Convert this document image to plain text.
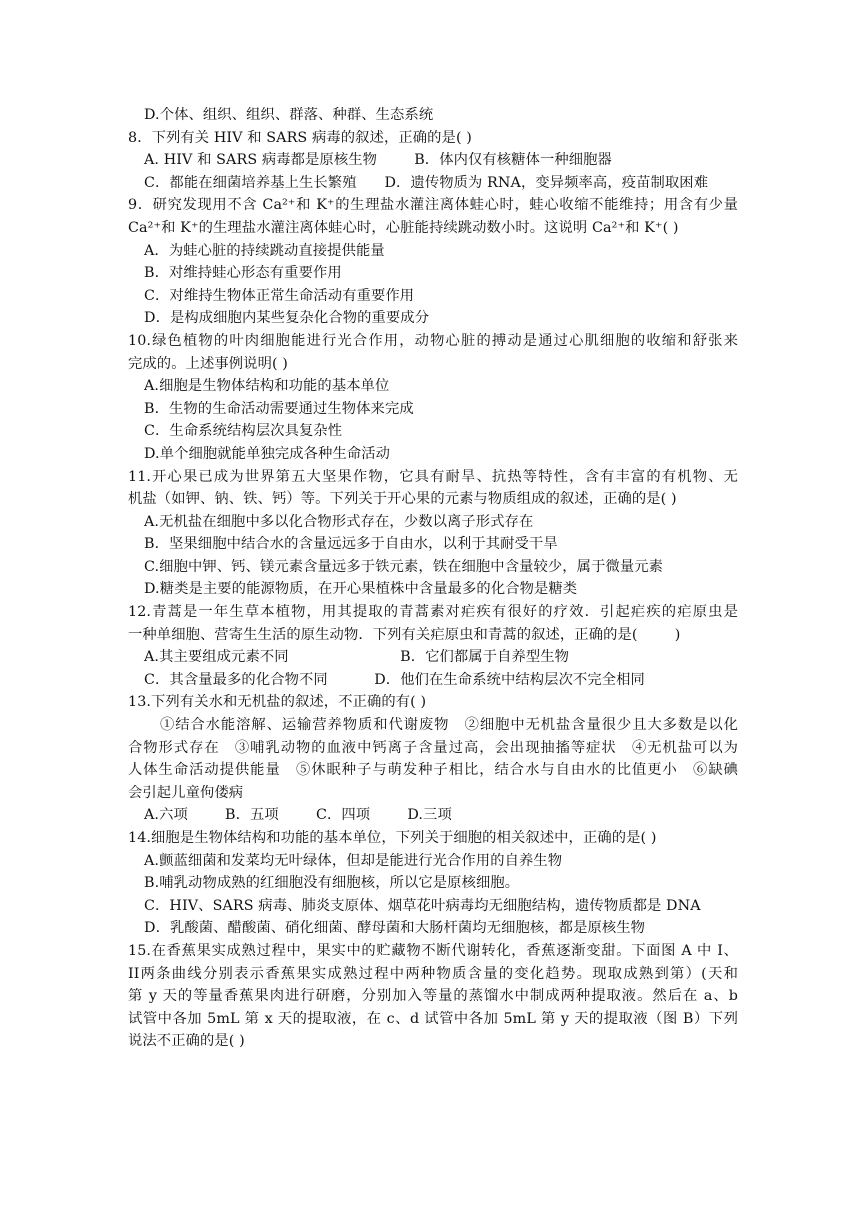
D.个体、组织、组织、群落、种群、生态系统
8．下列有关 HIV 和 SARS 病毒的叙述，正确的是( )
A. HIV 和 SARS 病毒都是原核生物        B．体内仅有核糖体一种细胞器
C．都能在细菌培养基上生长繁殖      D．遗传物质为 RNA，变异频率高，疫苗制取困难
9．研究发现用不含 Ca²⁺和 K⁺的生理盐水灌注离体蛙心时，蛙心收缩不能维持；用含有少量
Ca²⁺和 K⁺的生理盐水灌注离体蛙心时，心脏能持续跳动数小时。这说明 Ca²⁺和 K⁺( )
A．为蛙心脏的持续跳动直接提供能量
B．对维持蛙心形态有重要作用
C．对维持生物体正常生命活动有重要作用
D．是构成细胞内某些复杂化合物的重要成分
10.绿色植物的叶肉细胞能进行光合作用，动物心脏的搏动是通过心肌细胞的收缩和舒张来
完成的。上述事例说明( )
A.细胞是生物体结构和功能的基本单位
B．生物的生命活动需要通过生物体来完成
C．生命系统结构层次具复杂性
D.单个细胞就能单独完成各种生命活动
11.开心果已成为世界第五大坚果作物，它具有耐旱、抗热等特性，含有丰富的有机物、无
机盐（如钾、钠、铁、钙）等。下列关于开心果的元素与物质组成的叙述，正确的是( )
A.无机盐在细胞中多以化合物形式存在，少数以离子形式存在
B．坚果细胞中结合水的含量远远多于自由水，以利于其耐受干旱
C.细胞中钾、钙、镁元素含量远多于铁元素，铁在细胞中含量较少，属于微量元素
D.糖类是主要的能源物质，在开心果植株中含量最多的化合物是糖类
12.青蒿是一年生草本植物，用其提取的青蒿素对疟疾有很好的疗效．引起疟疾的疟原虫是
一种单细胞、营寄生生活的原生动物．下列有关疟原虫和青蒿的叙述，正确的是(        )
A.其主要组成元素不同                        B．它们都属于自养型生物
C．其含量最多的化合物不同          D．他们在生命系统中结构层次不完全相同
13.下列有关水和无机盐的叙述，不正确的有( )
①结合水能溶解、运输营养物质和代谢废物　②细胞中无机盐含量很少且大多数是以化
合物形式存在　③哺乳动物的血液中钙离子含量过高，会出现抽搐等症状　④无机盐可以为
人体生命活动提供能量　⑤休眠种子与萌发种子相比，结合水与自由水的比值更小　⑥缺碘
会引起儿童佝偻病
A.六项        B．五项        C．四项        D.三项
14.细胞是生物体结构和功能的基本单位，下列关于细胞的相关叙述中，正确的是( )
A.颤蓝细菌和发菜均无叶绿体，但却是能进行光合作用的自养生物
B.哺乳动物成熟的红细胞没有细胞核，所以它是原核细胞。
C．HIV、SARS 病毒、肺炎支原体、烟草花叶病毒均无细胞结构，遗传物质都是 DNA
D．乳酸菌、醋酸菌、硝化细菌、酵母菌和大肠杆菌均无细胞核，都是原核生物
15.在香蕉果实成熟过程中，果实中的贮藏物不断代谢转化，香蕉逐渐变甜。下面图 A 中 I、
II两条曲线分别表示香蕉果实成熟过程中两种物质含量的变化趋势。现取成熟到第）(天和
第 y 天的等量香蕉果肉进行研磨，分别加入等量的蒸馏水中制成两种提取液。然后在 a、b
试管中各加 5mL 第 x 天的提取液，在 c、d 试管中各加 5mL 第 y 天的提取液（图 B）下列
说法不正确的是( )
